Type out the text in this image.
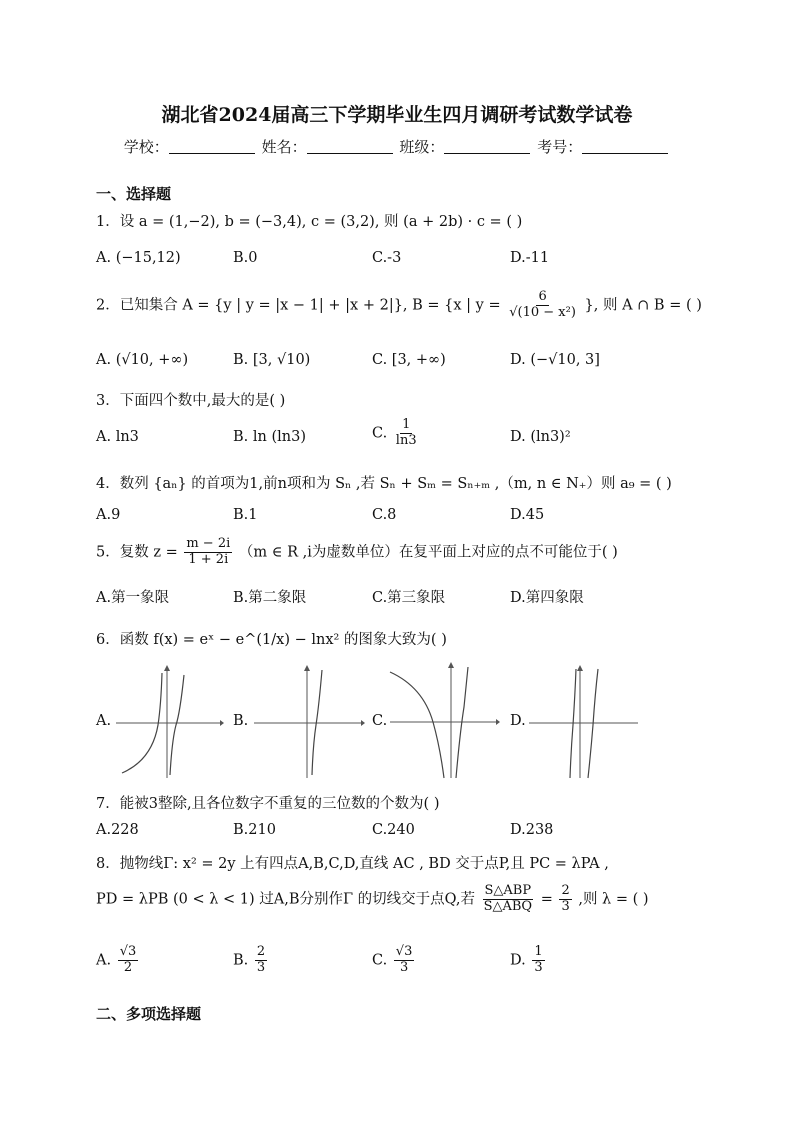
湖北省2024届高三下学期毕业生四月调研考试数学试卷
学校：	姓名：	班级：	考号：
一、选择题
1．设 a = (1,−2), b = (−3,4), c = (3,2), 则 (a + 2b) · c = ( )
A. (−15,12)	B.0	C.-3	D.-11
2．已知集合 A = {y | y = |x − 1| + |x + 2|}, B = {x | $y = \frac{6}{\text{√(10 − x²)}}$ }, 则 A ∩ B = ( )
A. (√10, +∞)	B. [3, √10)	C. [3, +∞)	D. (−√10, 3]
3．下面四个数中,最大的是( )
A. ln3	B. ln (ln3)	C. $\frac{1}{\ln 3}$	D. (ln3)²
4．数列 {aₙ} 的首项为1,前n项和为 Sₙ ,若 Sₙ + Sₘ = Sₙ₊ₘ ,（m, n ∈ N₊）则 a₉ = ( )
A.9	B.1	C.8	D.45
5．复数 $z = \frac{m - 2i}{1 + 2i} (m$ ∈ R ,i为虚数单位）在复平面上对应的点不可能位于( )
A.第一象限	B.第二象限	C.第三象限	D.第四象限
6．函数 f(x) = eˣ − e^(1/x) − lnx² 的图象大致为( )
A.	B.	C.	D.
7．能被3整除,且各位数字不重复的三位数的个数为( )
A.228	B.210	C.240	D.238
8．抛物线Γ: x² = 2y 上有四点A,B,C,D,直线 AC , BD 交于点P,且 PC = λPA ,
PD = λPB (0 < λ < 1) 过A,B分别作Γ 的切线交于点Q,若 $\frac{\text{S△ABP}}{\text{S△ABQ}} = \frac{2}{3}$ ,则 λ = ( )
A. $\frac{√3}{2}$	B. $\frac{2}{3}$	C. $\frac{√3}{3}$	D. $\frac{1}{3}$
二、多项选择题
